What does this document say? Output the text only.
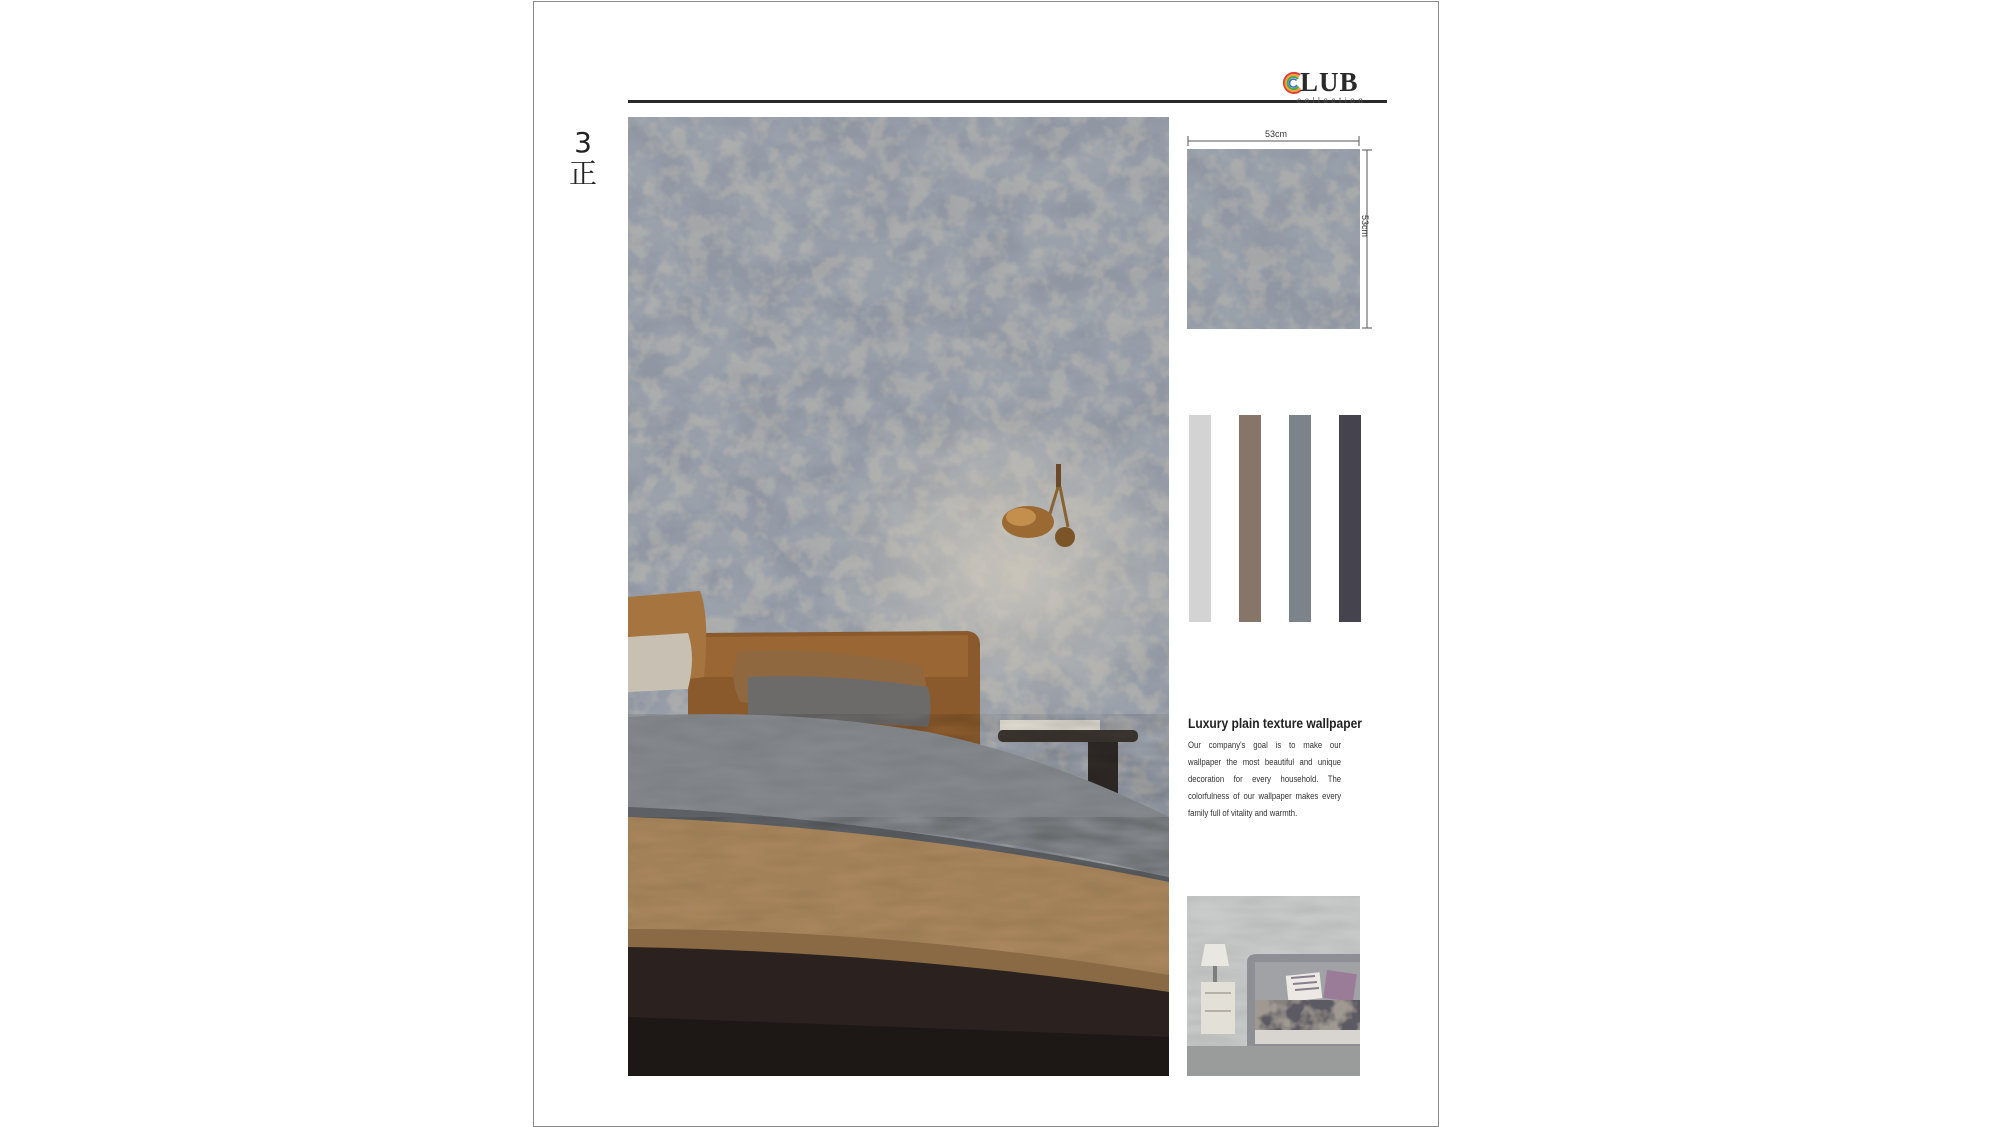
3
正
LUB
collection
53cm
53cm
Luxury plain texture wallpaper
Our company's goal is to make our wallpaper the most beautiful and unique decoration for every household. The colorfulness of our wallpaper makes every family full of vitality and warmth.
